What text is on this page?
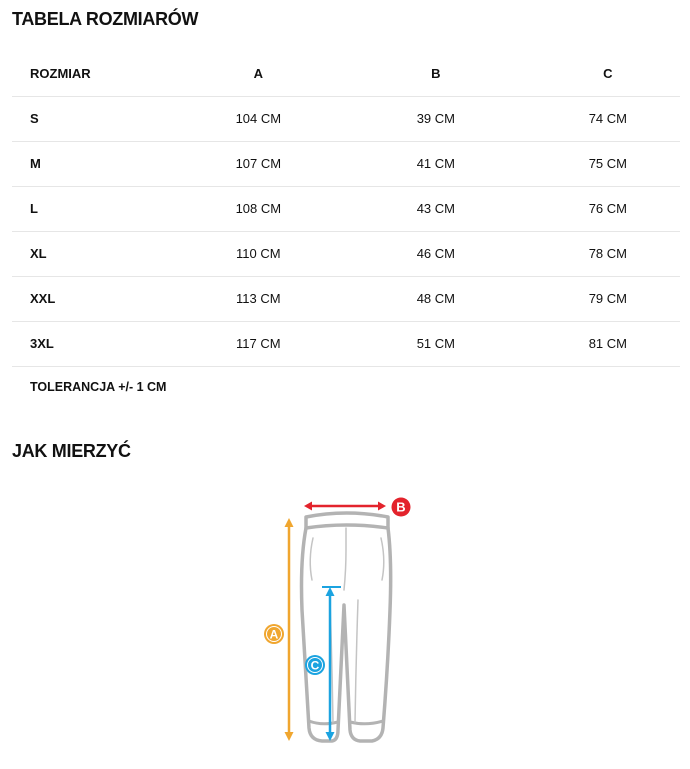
TABELA ROZMIARÓW
ROZMIAR	A	B	C
S	104 CM	39 CM	74 CM
M	107 CM	41 CM	75 CM
L	108 CM	43 CM	76 CM
XL	110 CM	46 CM	78 CM
XXL	113 CM	48 CM	79 CM
3XL	117 CM	51 CM	81 CM
TOLERANCJA +/- 1 CM
JAK MIERZYĆ
B
A
C
